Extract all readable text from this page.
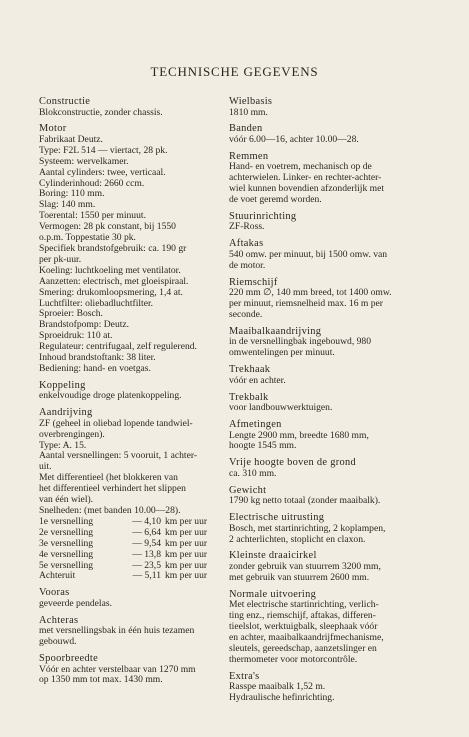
TECHNISCHE GEGEVENS
Constructie
Blokconstructie, zonder chassis.
Motor
Fabrikaat Deutz.
Type: F2L 514 — viertact, 28 pk.
Systeem: wervelkamer.
Aantal cylinders: twee, verticaal.
Cylinderinhoud: 2660 ccm.
Boring: 110 mm.
Slag: 140 mm.
Toerental: 1550 per minuut.
Vermogen: 28 pk constant, bij 1550
o.p.m. Toppestatie 30 pk.
Specifiek brandstofgebruik: ca. 190 gr
per pk-uur.
Koeling: luchtkoeling met ventilator.
Aanzetten: electrisch, met gloeispiraal.
Smering: drukomloopsmering, 1,4 at.
Luchtfilter: oliebadluchtfilter.
Sproeier: Bosch.
Brandstofpomp: Deutz.
Sproeidruk: 110 at.
Regulateur: centrifugaal, zelf regulerend.
Inhoud brandstoftank: 38 liter.
Bediening: hand- en voetgas.
Koppeling
enkelvoudige droge platenkoppeling.
Aandrijving
ZF (geheel in oliebad lopende tandwiel-
overbrengingen).
Type: A. 15.
Aantal versnellingen: 5 vooruit, 1 achter-
uit.
Met differentieel (het blokkeren van
het differentieel verhindert het slippen
van één wiel).
Snelheden: (met banden 10.00—28).
1e versnelling	— 4,10 km per uur
2e versnelling	— 6,64 km per uur
3e versnelling	— 9,54 km per uur
4e versnelling	— 13,8 km per uur
5e versnelling	— 23,5 km per uur
Achteruit	— 5,11 km per uur
Vooras
geveerde pendelas.
Achteras
met versnellingsbak in één huis tezamen
gebouwd.
Spoorbreedte
Vóór en achter verstelbaar van 1270 mm
op 1350 mm tot max. 1430 mm.
Wielbasis
1810 mm.
Banden
vóór 6.00—16, achter 10.00—28.
Remmen
Hand- en voetrem, mechanisch op de
achterwielen. Linker- en rechter-achter-
wiel kunnen bovendien afzonderlijk met
de voet geremd worden.
Stuurinrichting
ZF-Ross.
Aftakas
540 omw. per minuut, bij 1500 omw. van
de motor.
Riemschijf
220 mm ∅, 140 mm breed, tot 1400 omw.
per minuut, riemsnelheid max. 16 m per
seconde.
Maaibalkaandrijving
in de versnellingbak ingebouwd, 980
omwentelingen per minuut.
Trekhaak
vóór en achter.
Trekbalk
voor landbouwwerktuigen.
Afmetingen
Lengte 2900 mm, breedte 1680 mm,
hoogte 1545 mm.
Vrije hoogte boven de grond
ca. 310 mm.
Gewicht
1790 kg netto totaal (zonder maaibalk).
Electrische uitrusting
Bosch, met startinrichting, 2 koplampen,
2 achterlichten, stoplicht en claxon.
Kleinste draaicirkel
zonder gebruik van stuurrem 3200 mm,
met gebruik van stuurrem 2600 mm.
Normale uitvoering
Met electrische startinrichting, verlich-
ting enz., riemschijf, aftakas, differen-
tieelslot, werktuigbalk, sleephaak vóór
en achter, maaibalkaandrijfmechanisme,
sleutels, gereedschap, aanzetslinger en
thermometer voor motorcontrôle.
Extra's
Rasspe maaibalk 1,52 m.
Hydraulische hefinrichting.
